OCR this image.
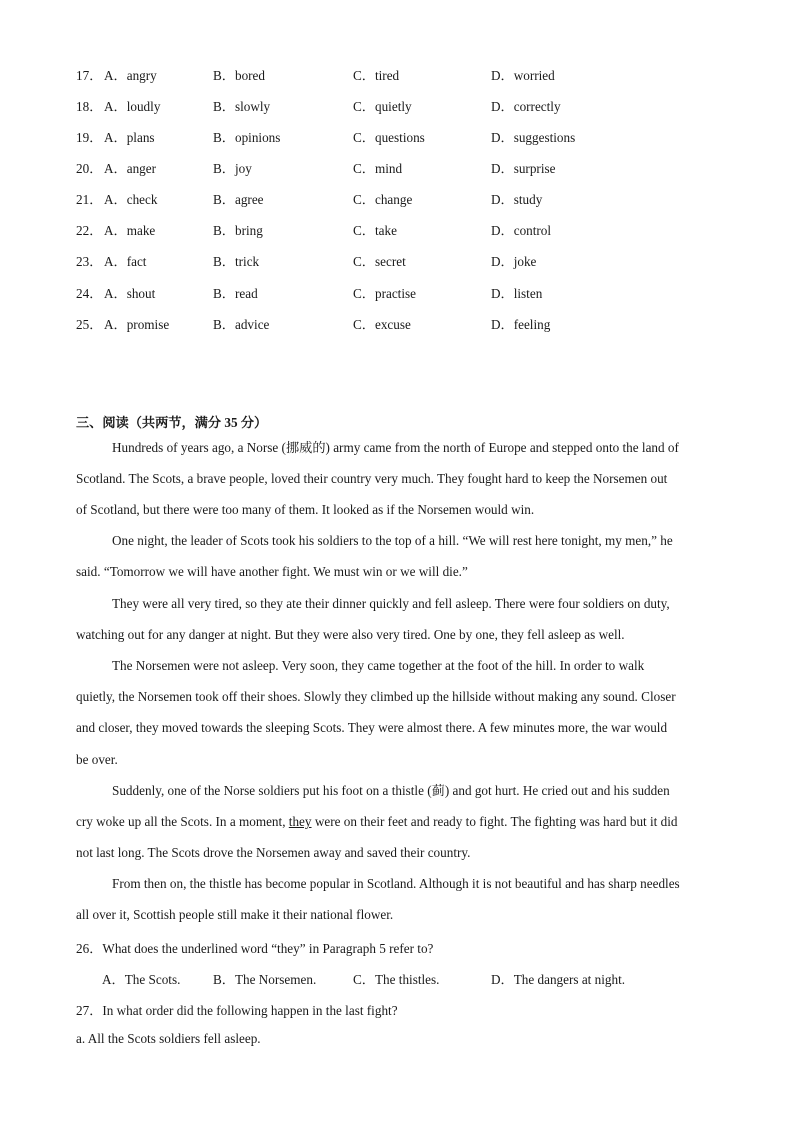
17． A．angry	B．bored	C．tired	D．worried
18． A．loudly	B．slowly	C．quietly	D．correctly
19． A．plans	B．opinions	C．questions	D．suggestions
20． A．anger	B．joy	C．mind	D．surprise
21． A．check	B．agree	C．change	D．study
22． A．make	B．bring	C．take	D．control
23． A．fact	B．trick	C．secret	D．joke
24． A．shout	B．read	C．practise	D．listen
25． A．promise	B．advice	C．excuse	D．feeling
三、阅读（共两节，满分 35 分）
Hundreds of years ago, a Norse (挪威的) army came from the north of Europe and stepped onto the land of
Scotland. The Scots, a brave people, loved their country very much. They fought hard to keep the Norsemen out
of Scotland, but there were too many of them. It looked as if the Norsemen would win.
One night, the leader of Scots took his soldiers to the top of a hill. “We will rest here tonight, my men,” he
said. “Tomorrow we will have another fight. We must win or we will die.”
They were all very tired, so they ate their dinner quickly and fell asleep. There were four soldiers on duty,
watching out for any danger at night. But they were also very tired. One by one, they fell asleep as well.
The Norsemen were not asleep. Very soon, they came together at the foot of the hill. In order to walk
quietly, the Norsemen took off their shoes. Slowly they climbed up the hillside without making any sound. Closer
and closer, they moved towards the sleeping Scots. They were almost there. A few minutes more, the war would
be over.
Suddenly, one of the Norse soldiers put his foot on a thistle (蓟) and got hurt. He cried out and his sudden
cry woke up all the Scots. In a moment, they were on their feet and ready to fight. The fighting was hard but it did
not last long. The Scots drove the Norsemen away and saved their country.
From then on, the thistle has become popular in Scotland. Although it is not beautiful and has sharp needles
all over it, Scottish people still make it their national flower.
26．What does the underlined word “they” in Paragraph 5 refer to?
A．The Scots. B．The Norsemen.	C．The thistles.	D．The dangers at night.
27．In what order did the following happen in the last fight?
a. All the Scots soldiers fell asleep.
